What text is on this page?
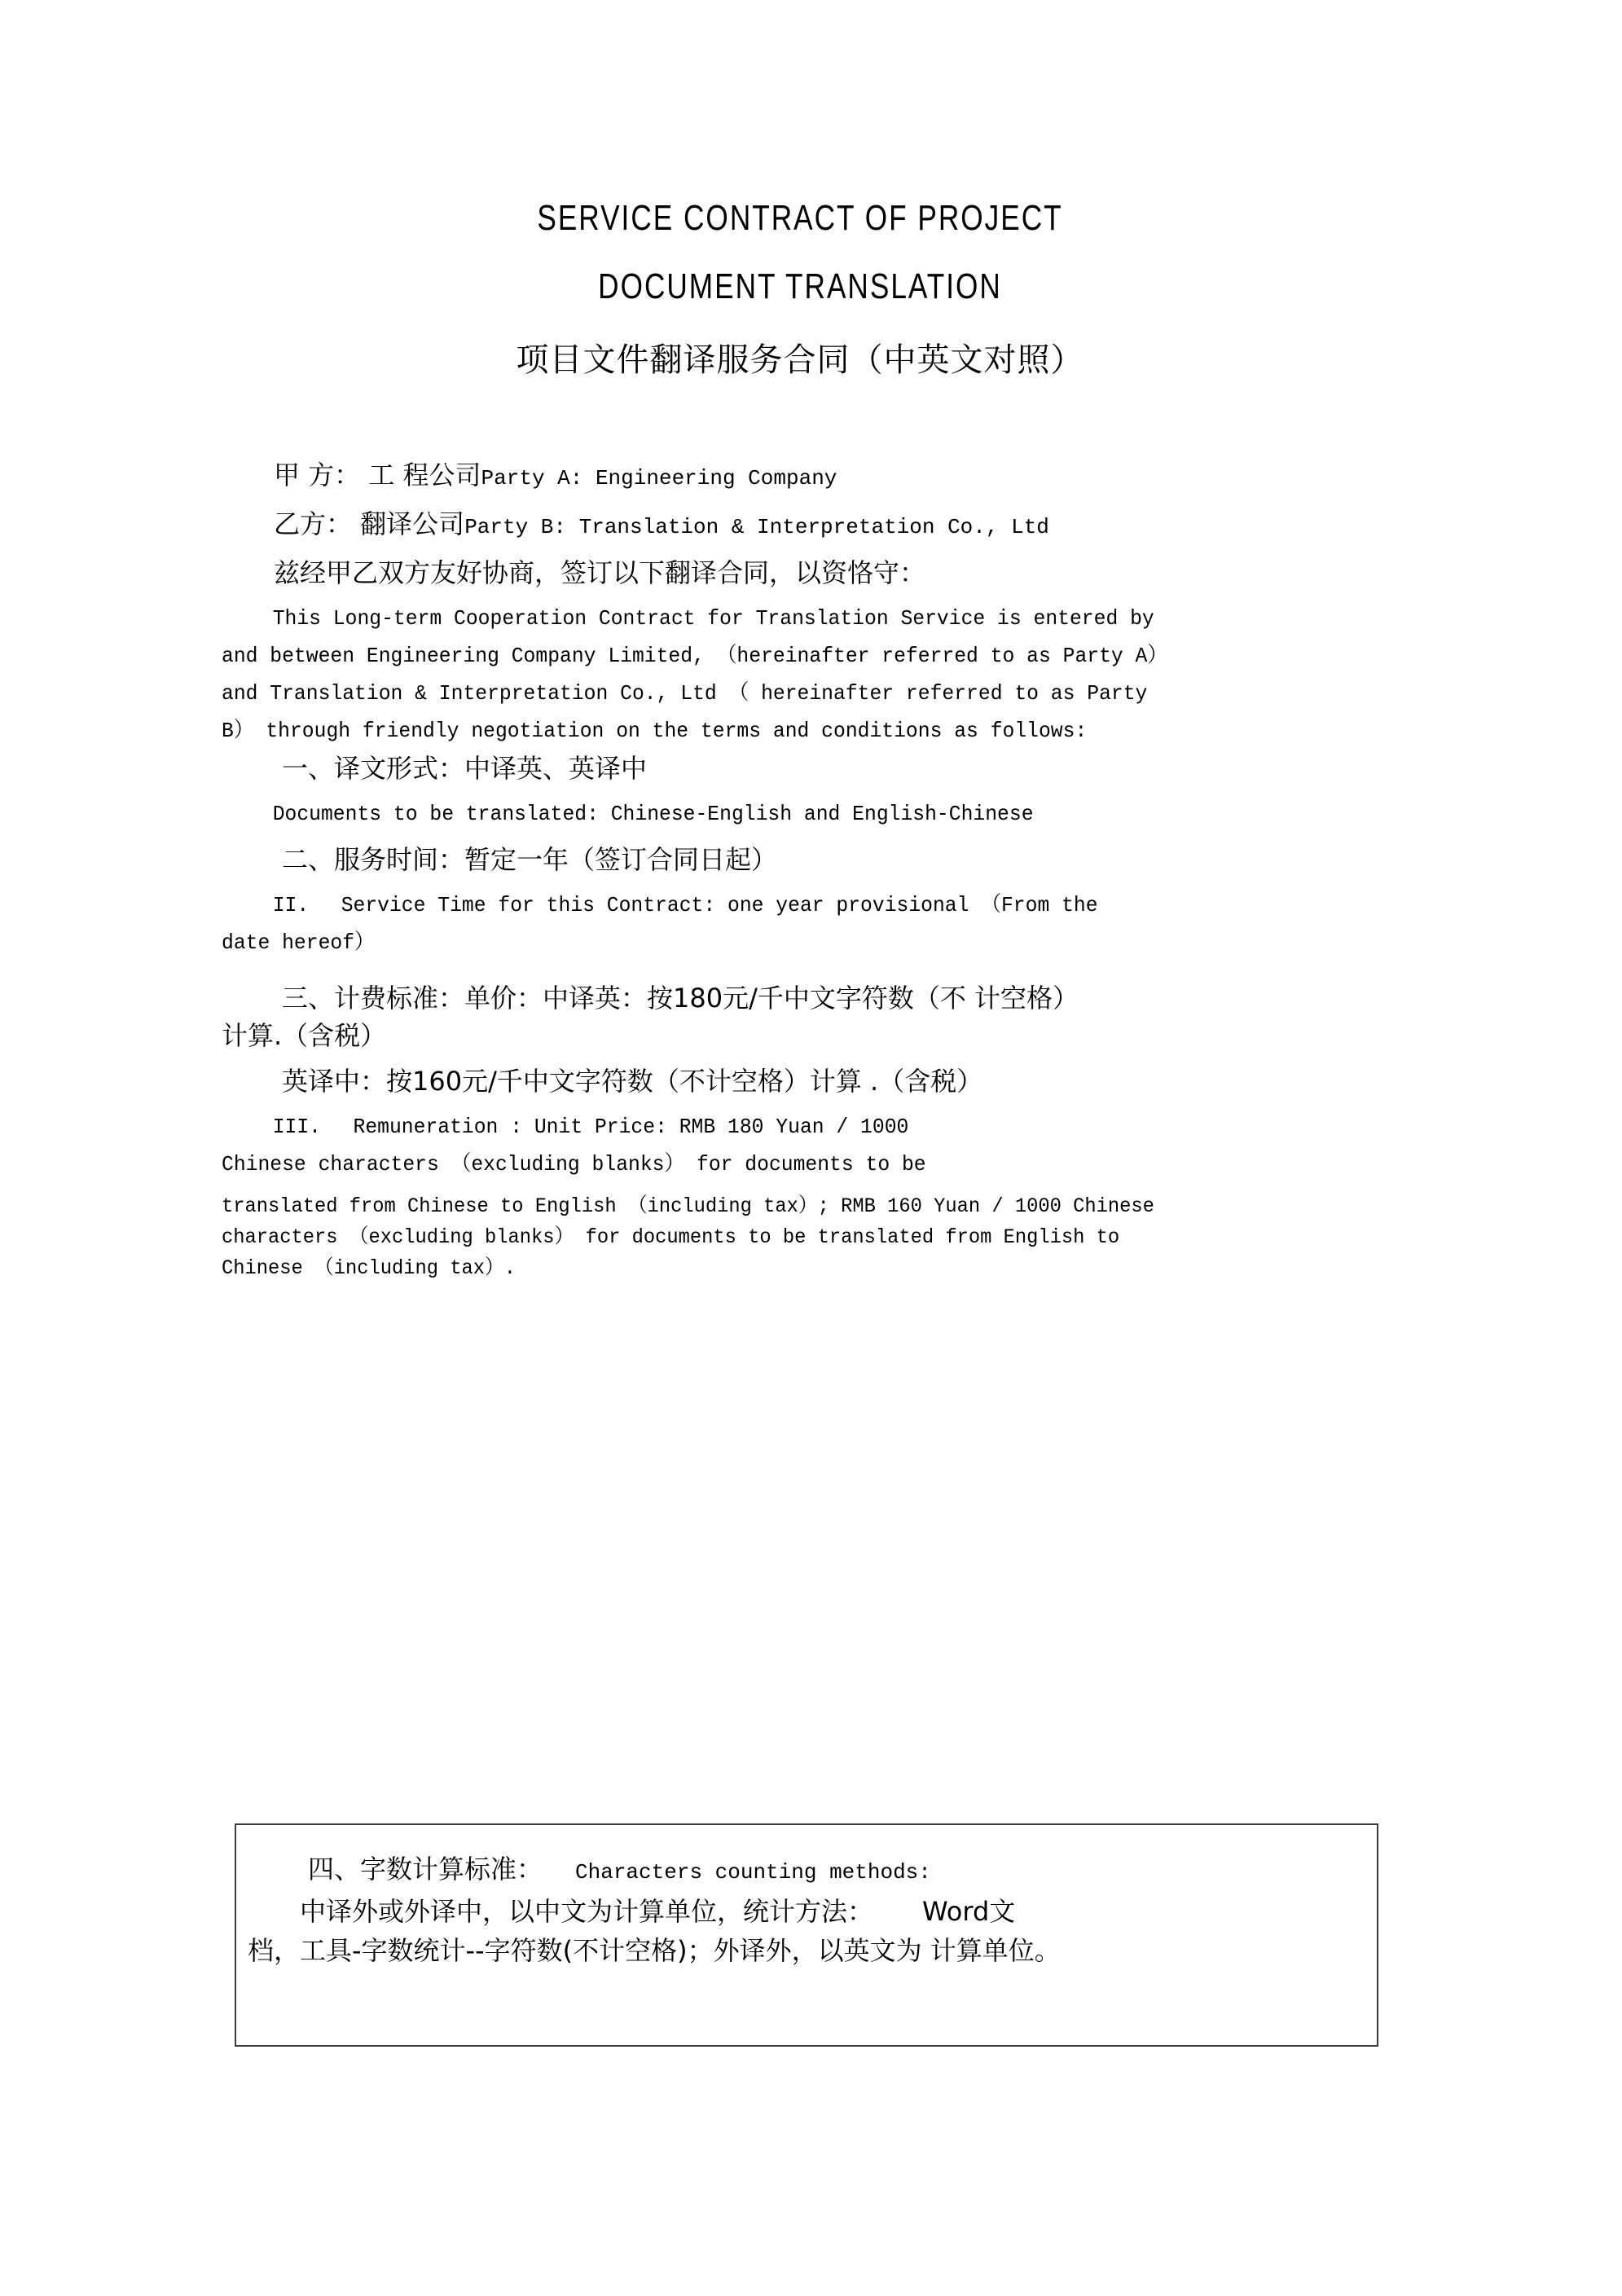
SERVICE CONTRACT OF PROJECT
DOCUMENT TRANSLATION
项目文件翻译服务合同（中英文对照）
甲 方： 工 程公司Party A: Engineering Company
乙方： 翻译公司Party B: Translation & Interpretation Co., Ltd
兹经甲乙双方友好协商，签订以下翻译合同，以资恪守：
This Long-term Cooperation Contract for Translation Service is entered by
and between Engineering Company Limited, （hereinafter referred to as Party A）
and Translation & Interpretation Co., Ltd （ hereinafter referred to as Party
B） through friendly negotiation on the terms and conditions as follows:
一、译文形式：中译英、英译中
Documents to be translated: Chinese-English and English-Chinese
二、服务时间：暂定一年（签订合同日起）
II.　 Service Time for this Contract: one year provisional （From the
date hereof）
三、计费标准：单价：中译英：按180元/千中文字符数（不 计空格）
计算.（含税）
英译中：按160元/千中文字符数（不计空格）计算 .（含税）
III.　 Remuneration : Unit Price: RMB 180 Yuan / 1000
Chinese characters （excluding blanks） for documents to be
translated from Chinese to English （including tax）; RMB 160 Yuan / 1000 Chinese
characters （excluding blanks） for documents to be translated from English to
Chinese （including tax）.
四、字数计算标准： Characters counting methods:
中译外或外译中，以中文为计算单位，统计方法： Word文
档，工具-字数统计--字符数(不计空格)；外译外，以英文为 计算单位。
